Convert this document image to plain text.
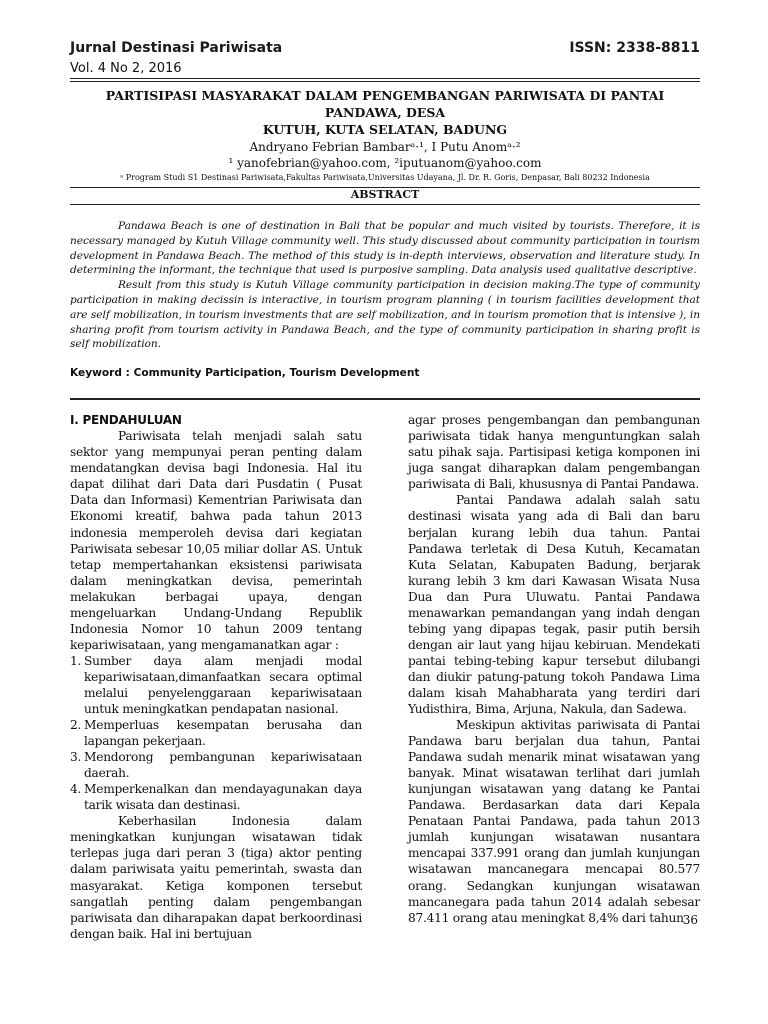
Jurnal Destinasi Pariwisata	ISSN: 2338-8811
Vol. 4 No 2, 2016
PARTISIPASI MASYARAKAT DALAM PENGEMBANGAN PARIWISATA DI PANTAI PANDAWA, DESA
KUTUH, KUTA SELATAN, BADUNG
Andryano Febrian Bambarᵃ·¹, I Putu Anomᵃ·²
¹ yanofebrian@yahoo.com, ²iputuanom@yahoo.com
ᵃ Program Studi S1 Destinasi Pariwisata,Fakultas Pariwisata,Universitas Udayana, Jl. Dr. R. Goris, Denpasar, Bali 80232 Indonesia
ABSTRACT

Pandawa Beach is one of destination in Bali that be popular and much visited by tourists. Therefore, it is necessary managed by Kutuh Village community well. This study discussed about community participation in tourism development in Pandawa Beach. The method of this study is in-depth interviews, observation and literature study. In determining the informant, the technique that used is purposive sampling. Data analysis used qualitative descriptive.

Result from this study is Kutuh Village community participation in decision making.The type of community participation in making decissin is interactive, in tourism program planning ( in tourism facilities development that are self mobilization, in tourism investments that are self mobilization, and in tourism promotion that is intensive ), in sharing profit from tourism activity in Pandawa Beach, and the type of community participation in sharing profit is self mobilization.

Keyword : Community Participation, Tourism Development

I. PENDAHULUAN

Pariwisata telah menjadi salah satu sektor yang mempunyai peran penting dalam mendatangkan devisa bagi Indonesia. Hal itu dapat dilihat dari Data dari Pusdatin ( Pusat Data dan Informasi) Kementrian Pariwisata dan Ekonomi kreatif, bahwa pada tahun 2013 indonesia memperoleh devisa dari kegiatan Pariwisata sebesar 10,05 miliar dollar AS. Untuk tetap mempertahankan eksistensi pariwisata dalam meningkatkan devisa, pemerintah melakukan berbagai upaya, dengan mengeluarkan Undang-Undang Republik Indonesia Nomor 10 tahun 2009 tentang kepariwisataan, yang mengamanatkan agar :

1. Sumber daya alam menjadi modal kepariwisataan,dimanfaatkan secara optimal melalui penyelenggaraan kepariwisataan untuk meningkatkan pendapatan nasional.
2. Memperluas kesempatan berusaha dan lapangan pekerjaan.
3. Mendorong pembangunan kepariwisataan daerah.
4. Memperkenalkan dan mendayagunakan daya tarik wisata dan destinasi.

Keberhasilan Indonesia dalam meningkatkan kunjungan wisatawan tidak terlepas juga dari peran 3 (tiga) aktor penting dalam pariwisata yaitu pemerintah, swasta dan masyarakat. Ketiga komponen tersebut sangatlah penting dalam pengembangan pariwisata dan diharapakan dapat berkoordinasi dengan baik. Hal ini bertujuan

agar proses pengembangan dan pembangunan pariwisata tidak hanya menguntungkan salah satu pihak saja. Partisipasi ketiga komponen ini juga sangat diharapkan dalam pengembangan pariwisata di Bali, khususnya di Pantai Pandawa.

Pantai Pandawa adalah salah satu destinasi wisata yang ada di Bali dan baru berjalan kurang lebih dua tahun. Pantai Pandawa terletak di Desa Kutuh, Kecamatan Kuta Selatan, Kabupaten Badung, berjarak kurang lebih 3 km dari Kawasan Wisata Nusa Dua dan Pura Uluwatu. Pantai Pandawa menawarkan pemandangan yang indah dengan tebing yang dipapas tegak, pasir putih bersih dengan air laut yang hijau kebiruan. Mendekati pantai tebing-tebing kapur tersebut dilubangi dan diukir patung-patung tokoh Pandawa Lima dalam kisah Mahabharata yang terdiri dari Yudisthira, Bima, Arjuna, Nakula, dan Sadewa.

Meskipun aktivitas pariwisata di Pantai Pandawa baru berjalan dua tahun, Pantai Pandawa sudah menarik minat wisatawan yang banyak. Minat wisatawan terlihat dari jumlah kunjungan wisatawan yang datang ke Pantai Pandawa. Berdasarkan data dari Kepala Penataan Pantai Pandawa, pada tahun 2013 jumlah kunjungan wisatawan nusantara mencapai 337.991 orang dan jumlah kunjungan wisatawan mancanegara mencapai 80.577 orang. Sedangkan kunjungan wisatawan mancanegara pada tahun 2014 adalah sebesar 87.411 orang atau meningkat 8,4% dari tahun 36
